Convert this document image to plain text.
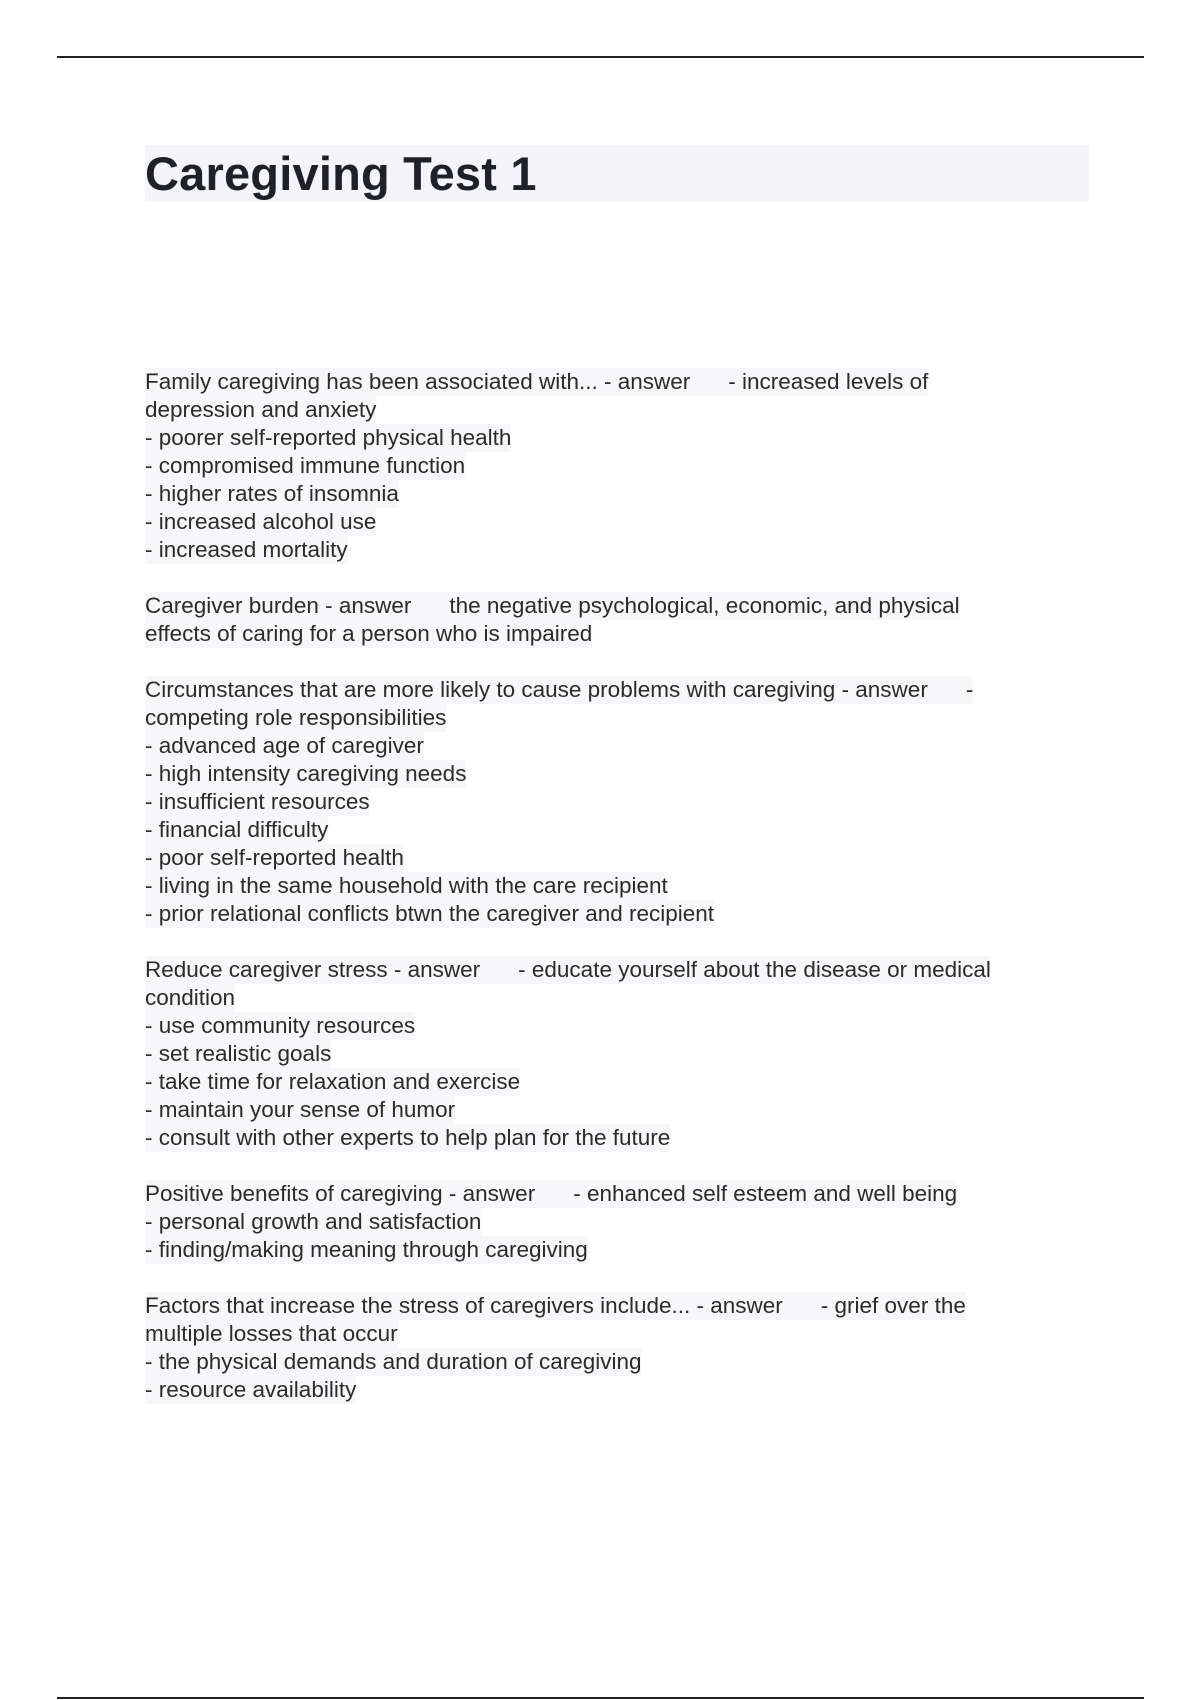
Caregiving Test 1

Family caregiving has been associated with... - answer - increased levels of
depression and anxiety
- poorer self-reported physical health
- compromised immune function
- higher rates of insomnia
- increased alcohol use
- increased mortality

Caregiver burden - answer the negative psychological, economic, and physical
effects of caring for a person who is impaired

Circumstances that are more likely to cause problems with caregiving - answer -
competing role responsibilities
- advanced age of caregiver
- high intensity caregiving needs
- insufficient resources
- financial difficulty
- poor self-reported health
- living in the same household with the care recipient
- prior relational conflicts btwn the caregiver and recipient

Reduce caregiver stress - answer - educate yourself about the disease or medical
condition
- use community resources
- set realistic goals
- take time for relaxation and exercise
- maintain your sense of humor
- consult with other experts to help plan for the future

Positive benefits of caregiving - answer - enhanced self esteem and well being
- personal growth and satisfaction
- finding/making meaning through caregiving

Factors that increase the stress of caregivers include... - answer - grief over the
multiple losses that occur
- the physical demands and duration of caregiving
- resource availability
